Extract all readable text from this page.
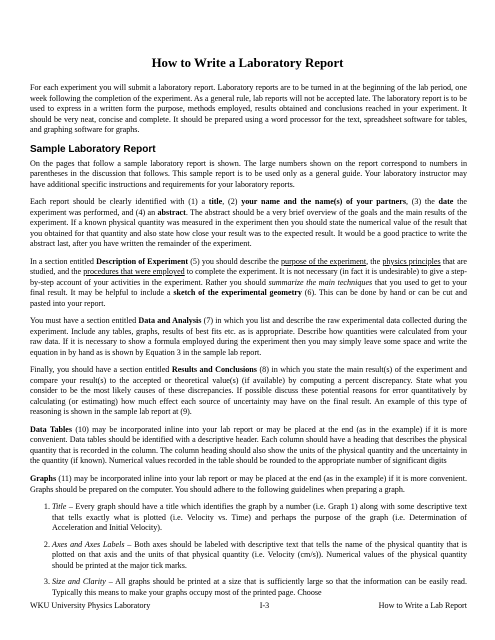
How to Write a Laboratory Report

For each experiment you will submit a laboratory report. Laboratory reports are to be turned in at the beginning of the lab period, one week following the completion of the experiment. As a general rule, lab reports will not be accepted late. The laboratory report is to be used to express in a written form the purpose, methods employed, results obtained and conclusions reached in your experiment. It should be very neat, concise and complete. It should be prepared using a word processor for the text, spreadsheet software for tables, and graphing software for graphs.

Sample Laboratory Report

On the pages that follow a sample laboratory report is shown. The large numbers shown on the report correspond to numbers in parentheses in the discussion that follows. This sample report is to be used only as a general guide. Your laboratory instructor may have additional specific instructions and requirements for your laboratory reports.

Each report should be clearly identified with (1) a title, (2) your name and the name(s) of your partners, (3) the date the experiment was performed, and (4) an abstract. The abstract should be a very brief overview of the goals and the main results of the experiment. If a known physical quantity was measured in the experiment then you should state the numerical value of the result that you obtained for that quantity and also state how close your result was to the expected result. It would be a good practice to write the abstract last, after you have written the remainder of the experiment.

In a section entitled Description of Experiment (5) you should describe the purpose of the experiment, the physics principles that are studied, and the procedures that were employed to complete the experiment. It is not necessary (in fact it is undesirable) to give a step-by-step account of your activities in the experiment. Rather you should summarize the main techniques that you used to get to your final result. It may be helpful to include a sketch of the experimental geometry (6). This can be done by hand or can be cut and pasted into your report.

You must have a section entitled Data and Analysis (7) in which you list and describe the raw experimental data collected during the experiment. Include any tables, graphs, results of best fits etc. as is appropriate. Describe how quantities were calculated from your raw data. If it is necessary to show a formula employed during the experiment then you may simply leave some space and write the equation in by hand as is shown by Equation 3 in the sample lab report.

Finally, you should have a section entitled Results and Conclusions (8) in which you state the main result(s) of the experiment and compare your result(s) to the accepted or theoretical value(s) (if available) by computing a percent discrepancy. State what you consider to be the most likely causes of these discrepancies. If possible discuss these potential reasons for error quantitatively by calculating (or estimating) how much effect each source of uncertainty may have on the final result. An example of this type of reasoning is shown in the sample lab report at (9).

Data Tables (10) may be incorporated inline into your lab report or may be placed at the end (as in the example) if it is more convenient. Data tables should be identified with a descriptive header. Each column should have a heading that describes the physical quantity that is recorded in the column. The column heading should also show the units of the physical quantity and the uncertainty in the quantity (if known). Numerical values recorded in the table should be rounded to the appropriate number of significant digits

Graphs (11) may be incorporated inline into your lab report or may be placed at the end (as in the example) if it is more convenient. Graphs should be prepared on the computer. You should adhere to the following guidelines when preparing a graph.

1. Title – Every graph should have a title which identifies the graph by a number (i.e. Graph 1) along with some descriptive text that tells exactly what is plotted (i.e. Velocity vs. Time) and perhaps the purpose of the graph (i.e. Determination of Acceleration and Initial Velocity).
2. Axes and Axes Labels – Both axes should be labeled with descriptive text that tells the name of the physical quantity that is plotted on that axis and the units of that physical quantity (i.e. Velocity (cm/s)). Numerical values of the physical quantity should be printed at the major tick marks.
3. Size and Clarity – All graphs should be printed at a size that is sufficiently large so that the information can be easily read. Typically this means to make your graphs occupy most of the printed page. Choose
WKU University Physics Laboratory	I-3	How to Write a Lab Report
